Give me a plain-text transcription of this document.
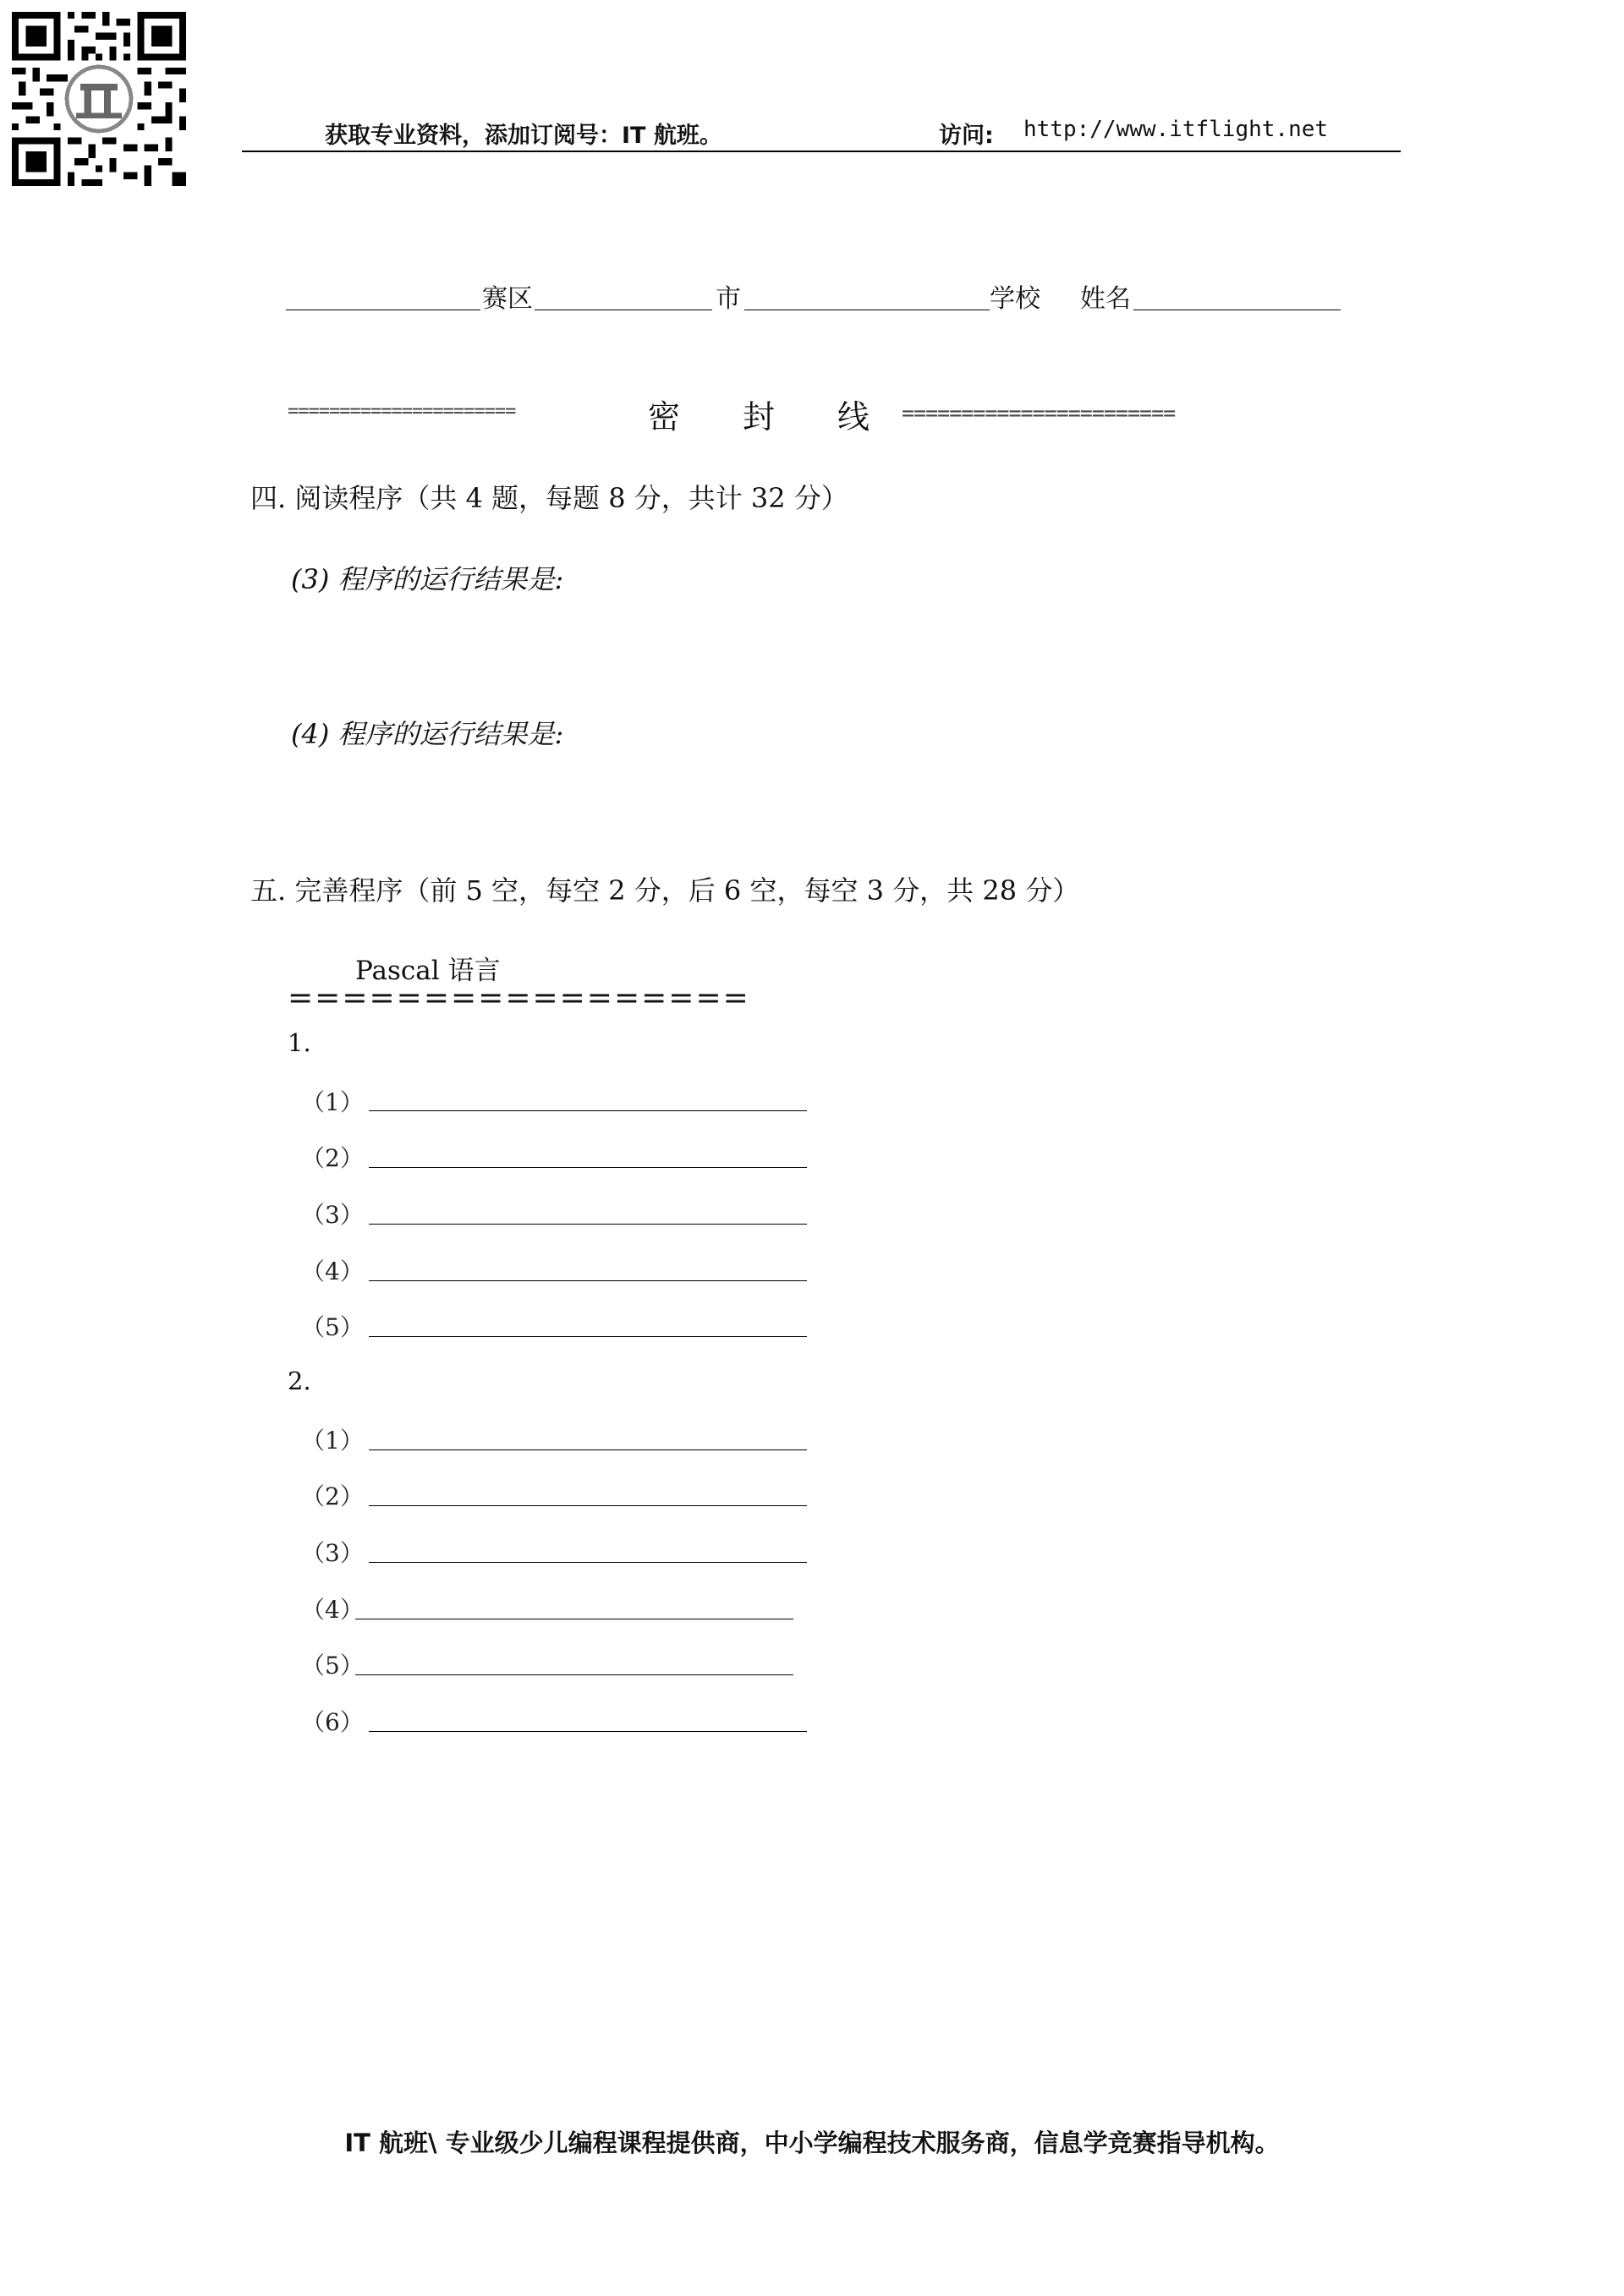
获取专业资料，添加订阅号：IT 航班。	访问: http://www.itflight.net
赛区	市	学校 姓名
======================	密 封 线 =======================
四. 阅读程序（共 4 题，每题 8 分，共计 32 分）
(3) 程序的运行结果是:
(4) 程序的运行结果是:
五. 完善程序（前 5 空，每空 2 分，后 6 空，每空 3 分，共 28 分）
Pascal 语言
=================
1.
（1）
（2）
（3）
（4）
（5）
2.
（1）
（2）
（3）
（4）
（5）
（6）
IT 航班\ 专业级少儿编程课程提供商，中小学编程技术服务商，信息学竞赛指导机构。
